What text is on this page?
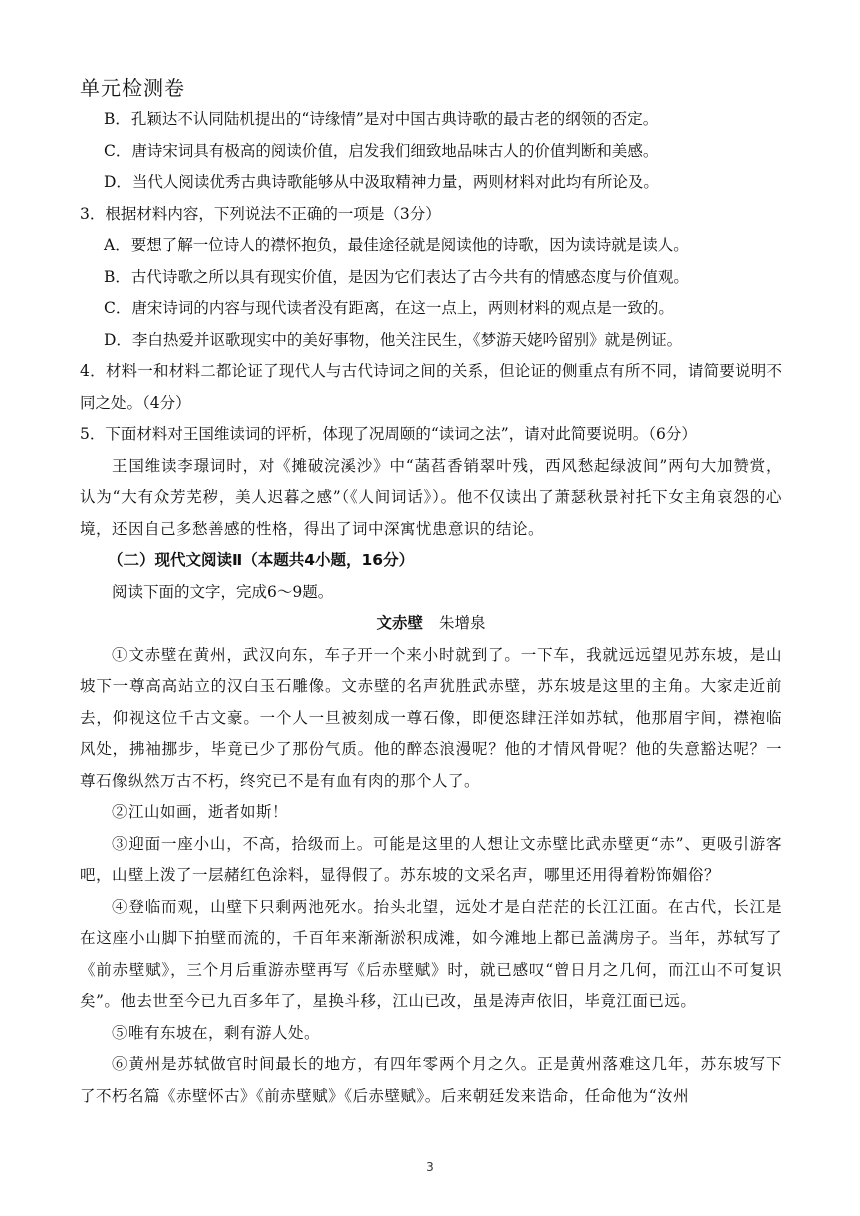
单元检测卷

B．孔颖达不认同陆机提出的“诗缘情”是对中国古典诗歌的最古老的纲领的否定。

C．唐诗宋词具有极高的阅读价值，启发我们细致地品味古人的价值判断和美感。

D．当代人阅读优秀古典诗歌能够从中汲取精神力量，两则材料对此均有所论及。

3．根据材料内容，下列说法不正确的一项是（3分）

A．要想了解一位诗人的襟怀抱负，最佳途径就是阅读他的诗歌，因为读诗就是读人。

B．古代诗歌之所以具有现实价值，是因为它们表达了古今共有的情感态度与价值观。

C．唐宋诗词的内容与现代读者没有距离，在这一点上，两则材料的观点是一致的。

D．李白热爱并讴歌现实中的美好事物，他关注民生，《梦游天姥吟留别》就是例证。

4．材料一和材料二都论证了现代人与古代诗词之间的关系，但论证的侧重点有所不同，请简要说明不同之处。（4分）

5．下面材料对王国维读词的评析，体现了况周颐的“读词之法”，请对此简要说明。（6分）

王国维读李璟词时，对《摊破浣溪沙》中“菡萏香销翠叶残，西风愁起绿波间”两句大加赞赏，认为“大有众芳芜秽，美人迟暮之感”（《人间词话》）。他不仅读出了萧瑟秋景衬托下女主角哀怨的心境，还因自己多愁善感的性格，得出了词中深寓忧患意识的结论。

（二）现代文阅读Ⅱ（本题共4小题，16分）

阅读下面的文字，完成6～9题。

文赤壁 朱增泉

①文赤壁在黄州，武汉向东，车子开一个来小时就到了。一下车，我就远远望见苏东坡，是山坡下一尊高高站立的汉白玉石雕像。文赤壁的名声犹胜武赤壁，苏东坡是这里的主角。大家走近前去，仰视这位千古文豪。一个人一旦被刻成一尊石像，即便恣肆汪洋如苏轼，他那眉宇间，襟袍临风处，拂袖挪步，毕竟已少了那份气质。他的醉态浪漫呢？他的才情风骨呢？他的失意豁达呢？一尊石像纵然万古不朽，终究已不是有血有肉的那个人了。

②江山如画，逝者如斯！

③迎面一座小山，不高，拾级而上。可能是这里的人想让文赤壁比武赤壁更“赤”、更吸引游客吧，山壁上泼了一层赭红色涂料，显得假了。苏东坡的文采名声，哪里还用得着粉饰媚俗？

④登临而观，山壁下只剩两池死水。抬头北望，远处才是白茫茫的长江江面。在古代，长江是在这座小山脚下拍壁而流的，千百年来渐渐淤积成滩，如今滩地上都已盖满房子。当年，苏轼写了《前赤壁赋》，三个月后重游赤壁再写《后赤壁赋》时，就已感叹“曾日月之几何，而江山不可复识矣”。他去世至今已九百多年了，星换斗移，江山已改，虽是涛声依旧，毕竟江面已远。

⑤唯有东坡在，剩有游人处。

⑥黄州是苏轼做官时间最长的地方，有四年零两个月之久。正是黄州落难这几年，苏东坡写下了不朽名篇《赤壁怀古》《前赤壁赋》《后赤壁赋》。后来朝廷发来诰命，任命他为“汝州

3
